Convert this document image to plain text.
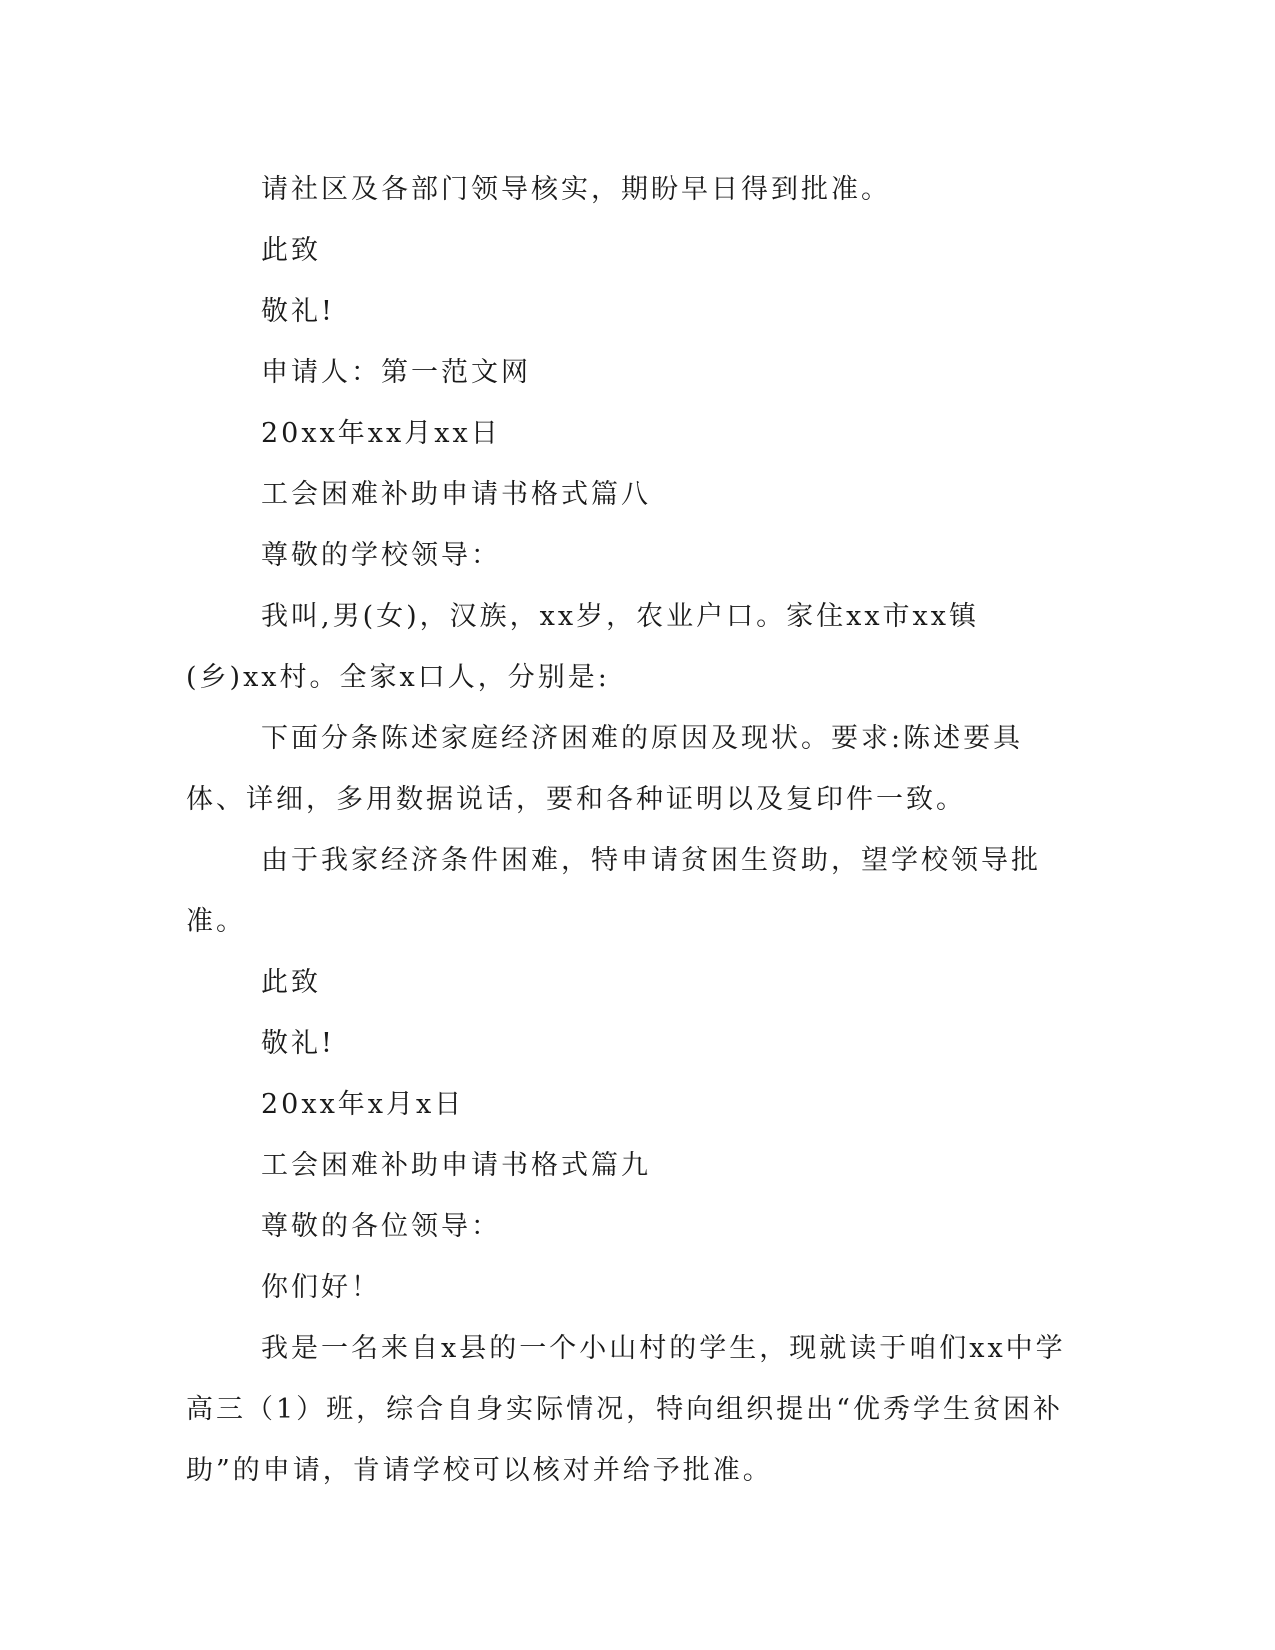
请社区及各部门领导核实，期盼早日得到批准。

此致

敬礼!

申请人：第一范文网

20xx年xx月xx日

工会困难补助申请书格式篇八

尊敬的学校领导：

我叫,男(女)，汉族，xx岁，农业户口。家住xx市xx镇(乡)xx村。全家x口人，分别是:

下面分条陈述家庭经济困难的原因及现状。要求:陈述要具体、详细，多用数据说话，要和各种证明以及复印件一致。

由于我家经济条件困难，特申请贫困生资助，望学校领导批准。

此致

敬礼!

20xx年x月x日

工会困难补助申请书格式篇九

尊敬的各位领导：

你们好！

我是一名来自x县的一个小山村的学生，现就读于咱们xx中学高三（1）班，综合自身实际情况，特向组织提出“优秀学生贫困补助”的申请，肯请学校可以核对并给予批准。
